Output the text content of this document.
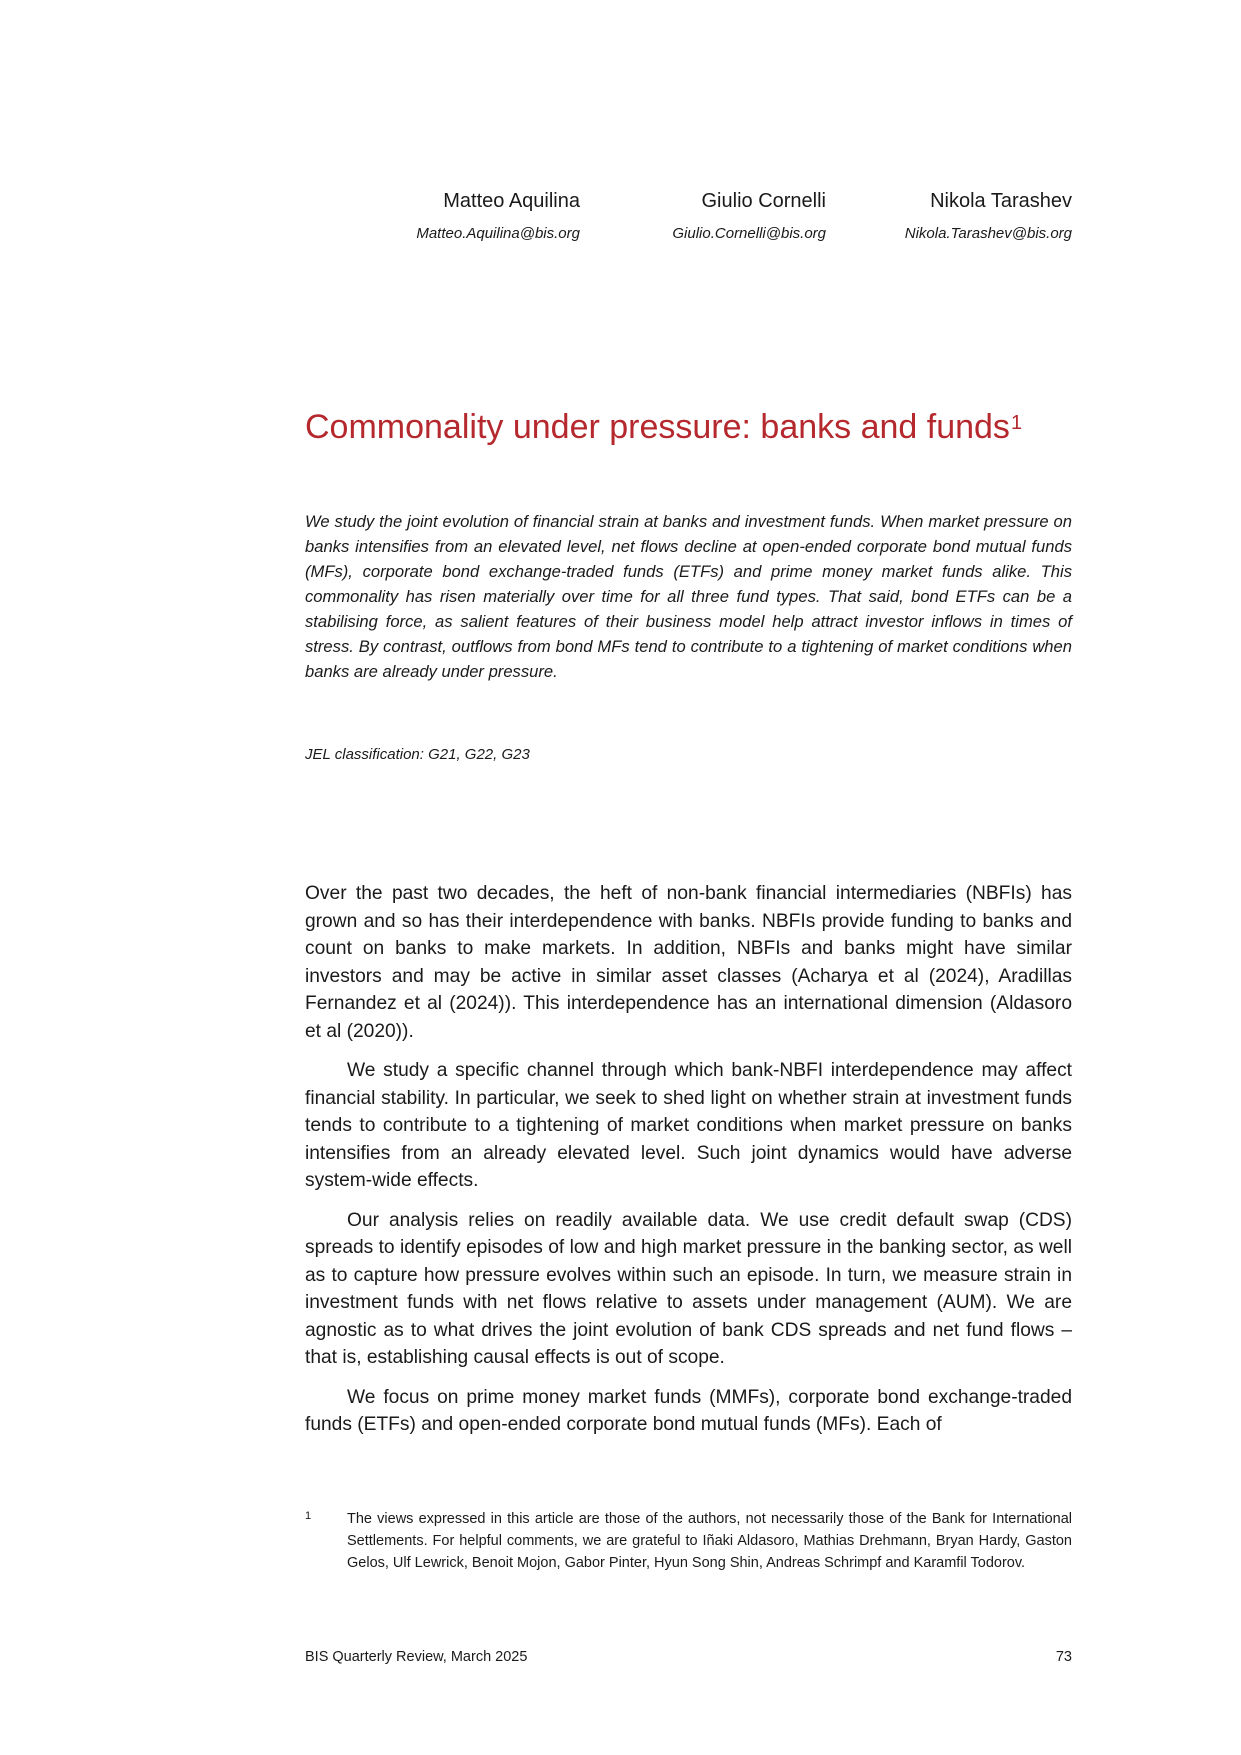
Matteo Aquilina
Matteo.Aquilina@bis.org
Giulio Cornelli
Giulio.Cornelli@bis.org
Nikola Tarashev
Nikola.Tarashev@bis.org
Commonality under pressure: banks and funds$^1$

We study the joint evolution of financial strain at banks and investment funds. When market pressure on banks intensifies from an elevated level, net flows decline at open-ended corporate bond mutual funds (MFs), corporate bond exchange-traded funds (ETFs) and prime money market funds alike. This commonality has risen materially over time for all three fund types. That said, bond ETFs can be a stabilising force, as salient features of their business model help attract investor inflows in times of stress. By contrast, outflows from bond MFs tend to contribute to a tightening of market conditions when banks are already under pressure.

JEL classification: G21, G22, G23

Over the past two decades, the heft of non-bank financial intermediaries (NBFIs) has grown and so has their interdependence with banks. NBFIs provide funding to banks and count on banks to make markets. In addition, NBFIs and banks might have similar investors and may be active in similar asset classes (Acharya et al (2024), Aradillas Fernandez et al (2024)). This interdependence has an international dimension (Aldasoro et al (2020)).

We study a specific channel through which bank-NBFI interdependence may affect financial stability. In particular, we seek to shed light on whether strain at investment funds tends to contribute to a tightening of market conditions when market pressure on banks intensifies from an already elevated level. Such joint dynamics would have adverse system-wide effects.

Our analysis relies on readily available data. We use credit default swap (CDS) spreads to identify episodes of low and high market pressure in the banking sector, as well as to capture how pressure evolves within such an episode. In turn, we measure strain in investment funds with net flows relative to assets under management (AUM). We are agnostic as to what drives the joint evolution of bank CDS spreads and net fund flows – that is, establishing causal effects is out of scope.

We focus on prime money market funds (MMFs), corporate bond exchange-traded funds (ETFs) and open-ended corporate bond mutual funds (MFs). Each of

1	The views expressed in this article are those of the authors, not necessarily those of the Bank for International Settlements. For helpful comments, we are grateful to Iñaki Aldasoro, Mathias Drehmann, Bryan Hardy, Gaston Gelos, Ulf Lewrick, Benoit Mojon, Gabor Pinter, Hyun Song Shin, Andreas Schrimpf and Karamfil Todorov.
BIS Quarterly Review, March 2025	73
